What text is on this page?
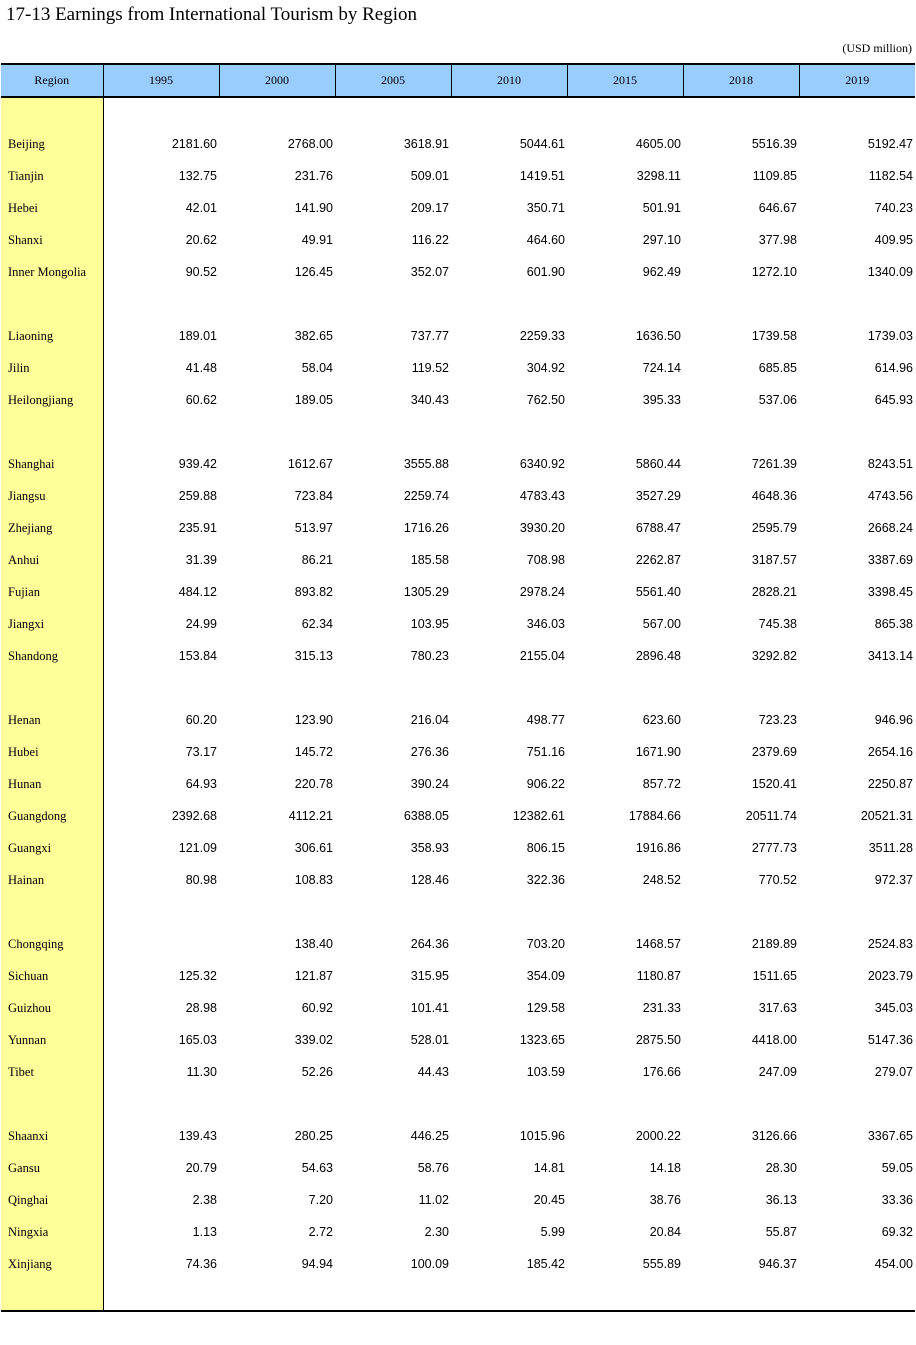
17-13 Earnings from International Tourism by Region
(USD million)
Region	1995	2000	2005	2010	2015	2018	2019

Beijing	2181.60	2768.00	3618.91	5044.61	4605.00	5516.39	5192.47
Tianjin	132.75	231.76	509.01	1419.51	3298.11	1109.85	1182.54
Hebei	42.01	141.90	209.17	350.71	501.91	646.67	740.23
Shanxi	20.62	49.91	116.22	464.60	297.10	377.98	409.95
Inner Mongolia	90.52	126.45	352.07	601.90	962.49	1272.10	1340.09

Liaoning	189.01	382.65	737.77	2259.33	1636.50	1739.58	1739.03
Jilin	41.48	58.04	119.52	304.92	724.14	685.85	614.96
Heilongjiang	60.62	189.05	340.43	762.50	395.33	537.06	645.93

Shanghai	939.42	1612.67	3555.88	6340.92	5860.44	7261.39	8243.51
Jiangsu	259.88	723.84	2259.74	4783.43	3527.29	4648.36	4743.56
Zhejiang	235.91	513.97	1716.26	3930.20	6788.47	2595.79	2668.24
Anhui	31.39	86.21	185.58	708.98	2262.87	3187.57	3387.69
Fujian	484.12	893.82	1305.29	2978.24	5561.40	2828.21	3398.45
Jiangxi	24.99	62.34	103.95	346.03	567.00	745.38	865.38
Shandong	153.84	315.13	780.23	2155.04	2896.48	3292.82	3413.14

Henan	60.20	123.90	216.04	498.77	623.60	723.23	946.96
Hubei	73.17	145.72	276.36	751.16	1671.90	2379.69	2654.16
Hunan	64.93	220.78	390.24	906.22	857.72	1520.41	2250.87
Guangdong	2392.68	4112.21	6388.05	12382.61	17884.66	20511.74	20521.31
Guangxi	121.09	306.61	358.93	806.15	1916.86	2777.73	3511.28
Hainan	80.98	108.83	128.46	322.36	248.52	770.52	972.37

Chongqing		138.40	264.36	703.20	1468.57	2189.89	2524.83
Sichuan	125.32	121.87	315.95	354.09	1180.87	1511.65	2023.79
Guizhou	28.98	60.92	101.41	129.58	231.33	317.63	345.03
Yunnan	165.03	339.02	528.01	1323.65	2875.50	4418.00	5147.36
Tibet	11.30	52.26	44.43	103.59	176.66	247.09	279.07

Shaanxi	139.43	280.25	446.25	1015.96	2000.22	3126.66	3367.65
Gansu	20.79	54.63	58.76	14.81	14.18	28.30	59.05
Qinghai	2.38	7.20	11.02	20.45	38.76	36.13	33.36
Ningxia	1.13	2.72	2.30	5.99	20.84	55.87	69.32
Xinjiang	74.36	94.94	100.09	185.42	555.89	946.37	454.00
